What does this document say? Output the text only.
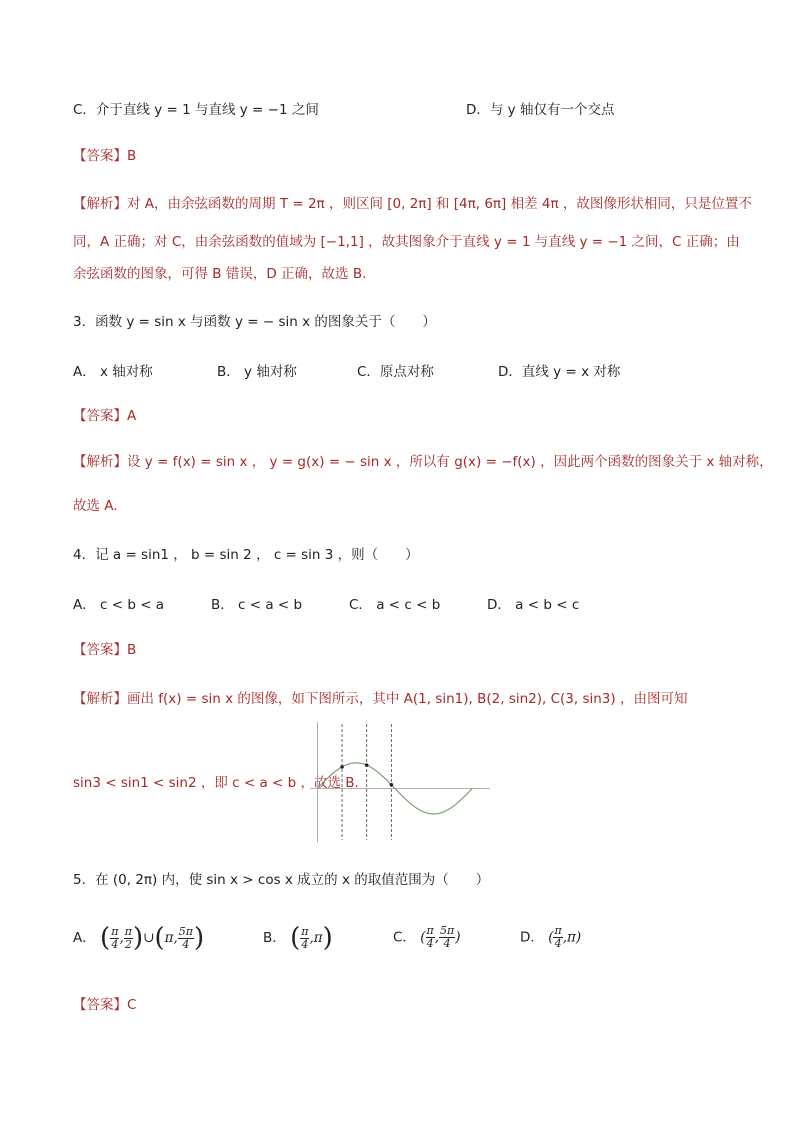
C．介于直线 y = 1 与直线 y = −1 之间	D．与 y 轴仅有一个交点
【答案】B
【解析】对 A，由余弦函数的周期 T = 2π ，则区间 [0, 2π] 和 [4π, 6π] 相差 4π ，故图像形状相同，只是位置不
同，A 正确；对 C，由余弦函数的值域为 [−1,1] ，故其图象介于直线 y = 1 与直线 y = −1 之间，C 正确；由
余弦函数的图象，可得 B 错误，D 正确，故选 B.
3．函数 y = sin x 与函数 y = − sin x 的图象关于（　　）
A． x 轴对称	B． y 轴对称	C．原点对称	D．直线 y = x 对称
【答案】A
【解析】设 y = f(x) = sin x ， y = g(x) = − sin x ，所以有 g(x) = −f(x) ，因此两个函数的图象关于 x 轴对称，
故选 A.
4．记 a = sin1 ， b = sin 2 ， c = sin 3 ，则（　　）
A． c < b < a	B． c < a < b	C． a < c < b	D． a < b < c
【答案】B
【解析】画出 f(x) = sin x 的图像，如下图所示，其中 A(1, sin1), B(2, sin2), C(3, sin3) ，由图可知
sin3 < sin1 < sin2 ，即 c < a < b ，故选 B.
5．在 (0, 2π) 内，使 sin x > cos x 成立的 x 的取值范围为（　　）
A． ( $\frac{\pi}{4}$ , $\frac{\pi}{2}$ )∪(π, $\frac{5\pi}{4}$ )	B． ( $\frac{\pi}{4} ,\pi$)	C． ( $\frac{\pi}{4}$ , $\frac{5\pi}{4}$ )	D． ( $\frac{\pi}{4} ,\pi$)
【答案】C
